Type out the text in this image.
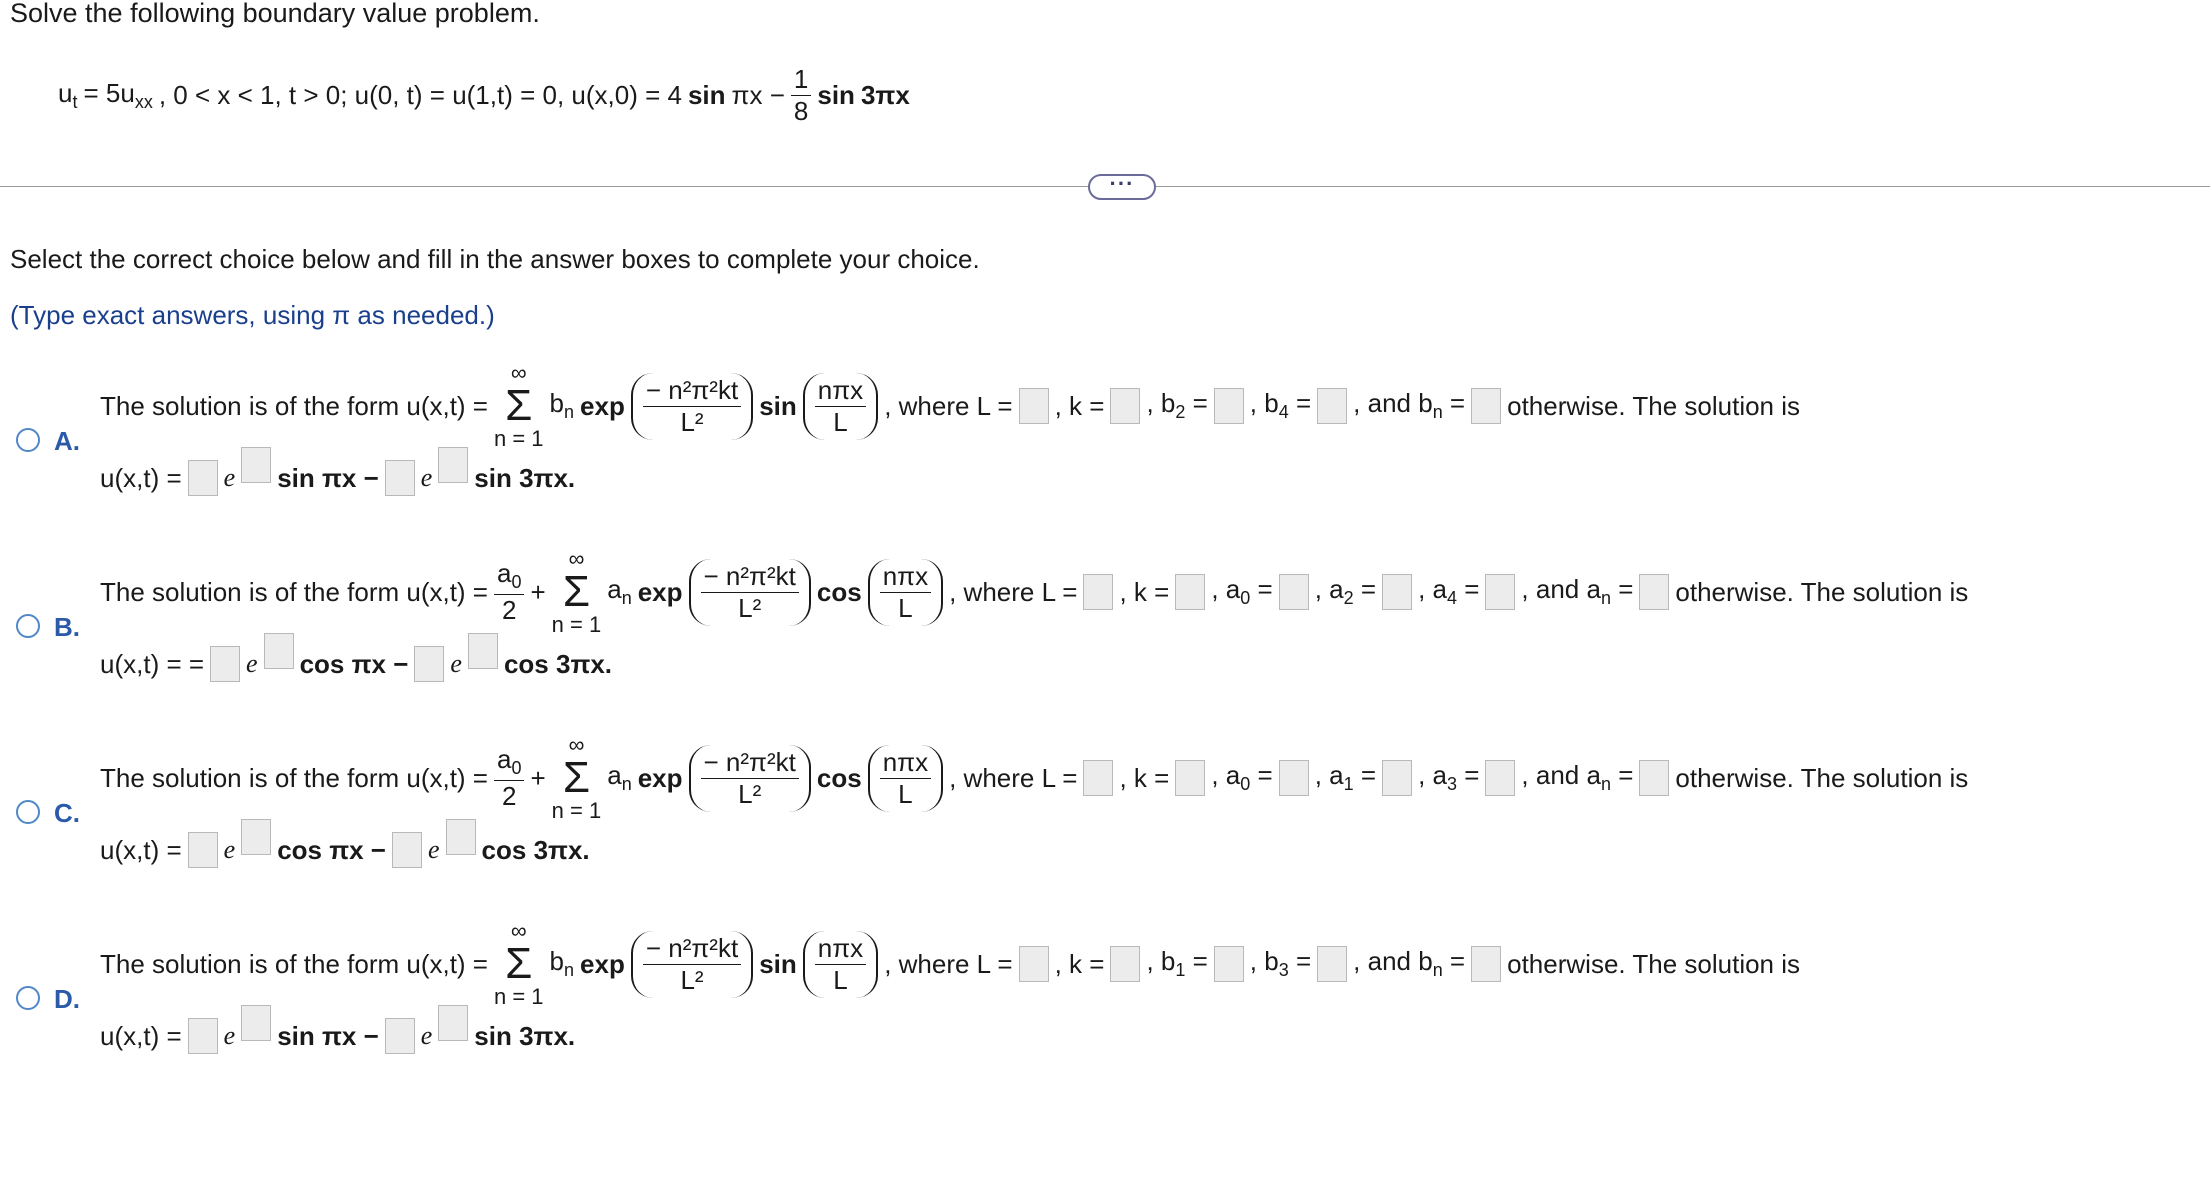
Solve the following boundary value problem.
$u_t = 5u_{xx}$ , 0 < x < 1, t > 0; u(0, t) = u(1,t) = 0, u(x,0) = 4 $\sin \pi x - \frac{1}{8}$ sin 3πx
···
Select the correct choice below and fill in the answer boxes to complete your choice.
(Type exact answers, using π as needed.)
A.
The solution is of the form u(x,t) =
∞
Σ
n = 1
$b_n$ $\exp \frac{\text{− n²π²kt}}{\text{L²}}$ $\sin \frac{\text{nπx}}{L}$ , where L = , k = , $b_2$ = , $b_4$ = , and $b_n$ = otherwise. The solution is
u(x,t) = e sin πx − e sin 3πx.
B.
The solution is of the form $u(x,t) = \frac{a_0}{2}$ +
∞
Σ
n = 1
$a_n$ $\exp \frac{\text{− n²π²kt}}{\text{L²}}$ $\cos \frac{\text{nπx}}{L}$ , where L = , k = , $a_0$ = , $a_2$ = , $a_4$ = , and $a_n$ = otherwise. The solution is
u(x,t) = = e cos πx − e cos 3πx.
C.
The solution is of the form $u(x,t) = \frac{a_0}{2}$ +
∞
Σ
n = 1
$a_n$ $\exp \frac{\text{− n²π²kt}}{\text{L²}}$ $\cos \frac{\text{nπx}}{L}$ , where L = , k = , $a_0$ = , $a_1$ = , $a_3$ = , and $a_n$ = otherwise. The solution is
u(x,t) = e cos πx − e cos 3πx.
D.
The solution is of the form u(x,t) =
∞
Σ
n = 1
$b_n$ $\exp \frac{\text{− n²π²kt}}{\text{L²}}$ $\sin \frac{\text{nπx}}{L}$ , where L = , k = , $b_1$ = , $b_3$ = , and $b_n$ = otherwise. The solution is
u(x,t) = e sin πx − e sin 3πx.
